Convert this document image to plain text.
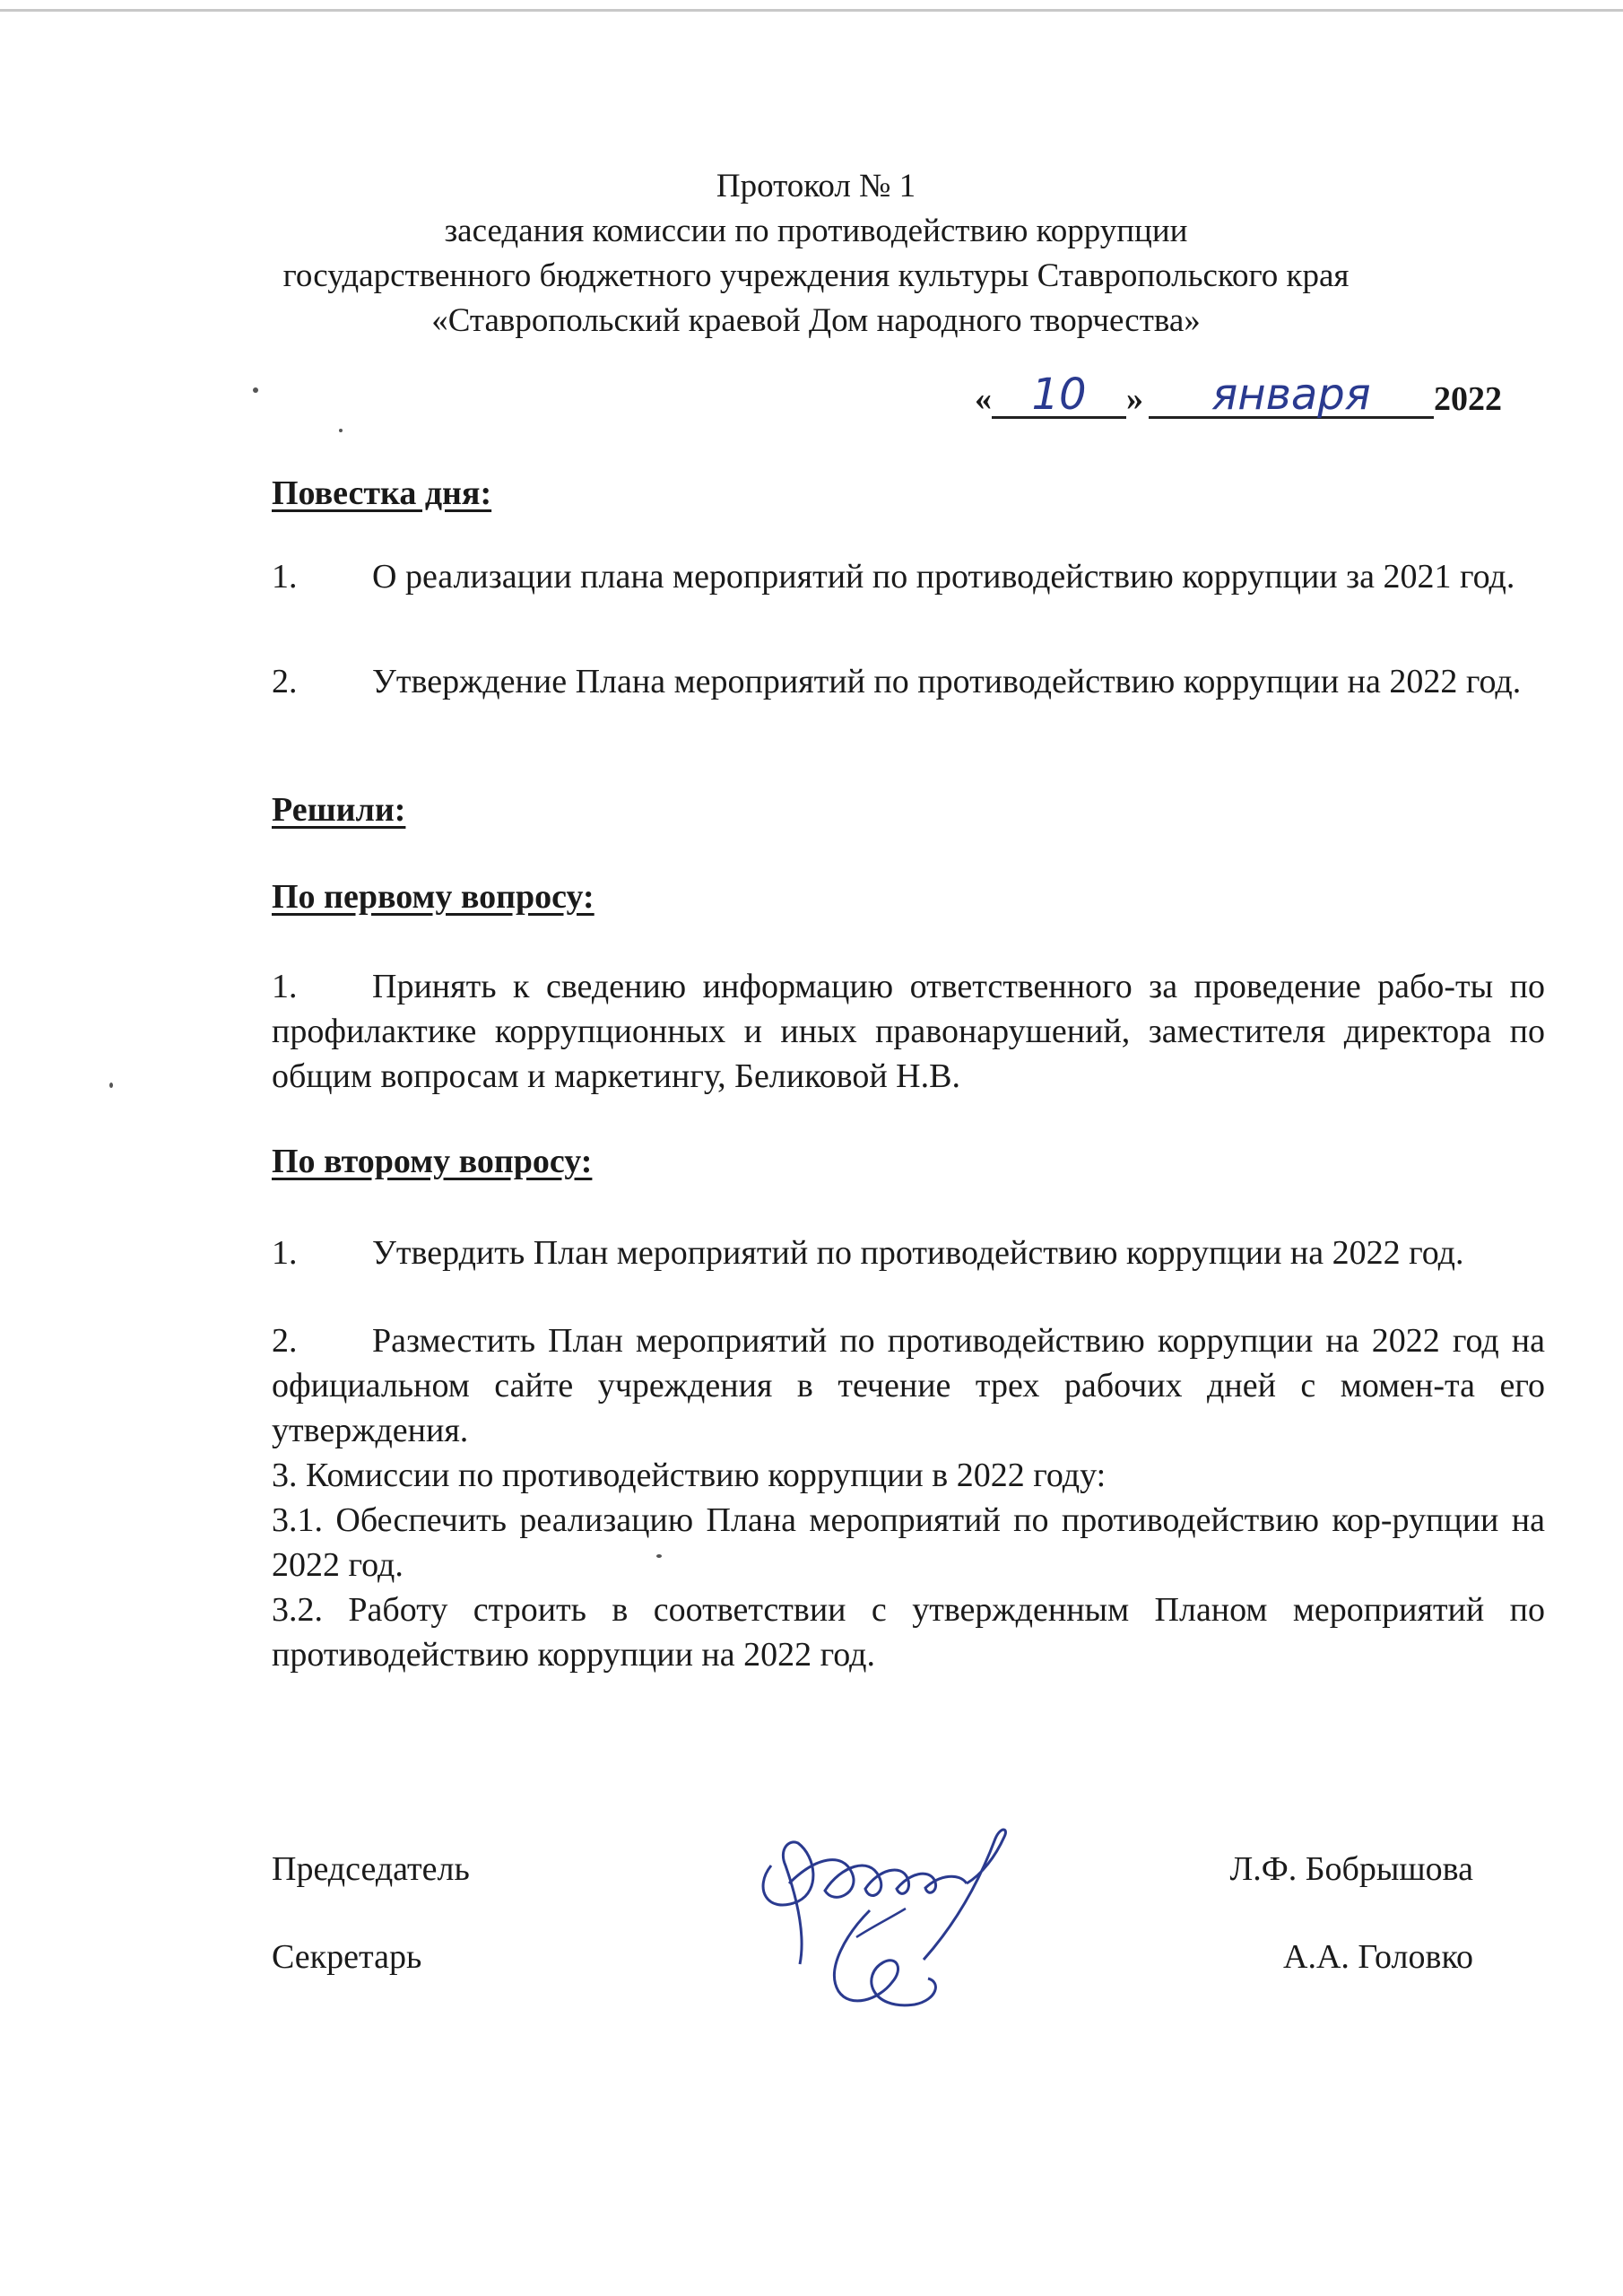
Протокол № 1
заседания комиссии по противодействию коррупции
государственного бюджетного учреждения культуры Ставропольского края
«Ставропольский краевой Дом народного творчества»
« 10	»	января	2022
Повестка дня:
1. О реализации плана мероприятий по противодействию коррупции за 2021 год.
2. Утверждение Плана мероприятий по противодействию коррупции на 2022 год.
Решили:
По первому вопросу:
1. Принять к сведению информацию ответственного за проведение рабо-ты по профилактике коррупционных и иных правонарушений, заместителя директора по общим вопросам и маркетингу, Беликовой Н.В.
По второму вопросу:
1. Утвердить План мероприятий по противодействию коррупции на 2022 год.
2. Разместить План мероприятий по противодействию коррупции на 2022 год на официальном сайте учреждения в течение трех рабочих дней с момен-та его утверждения.
3. Комиссии по противодействию коррупции в 2022 году:
3.1. Обеспечить реализацию Плана мероприятий по противодействию кор-рупции на 2022 год.
3.2. Работу строить в соответствии с утвержденным Планом мероприятий по противодействию коррупции на 2022 год.
Председатель	Л.Ф. Бобрышова
Секретарь	А.А. Головко
